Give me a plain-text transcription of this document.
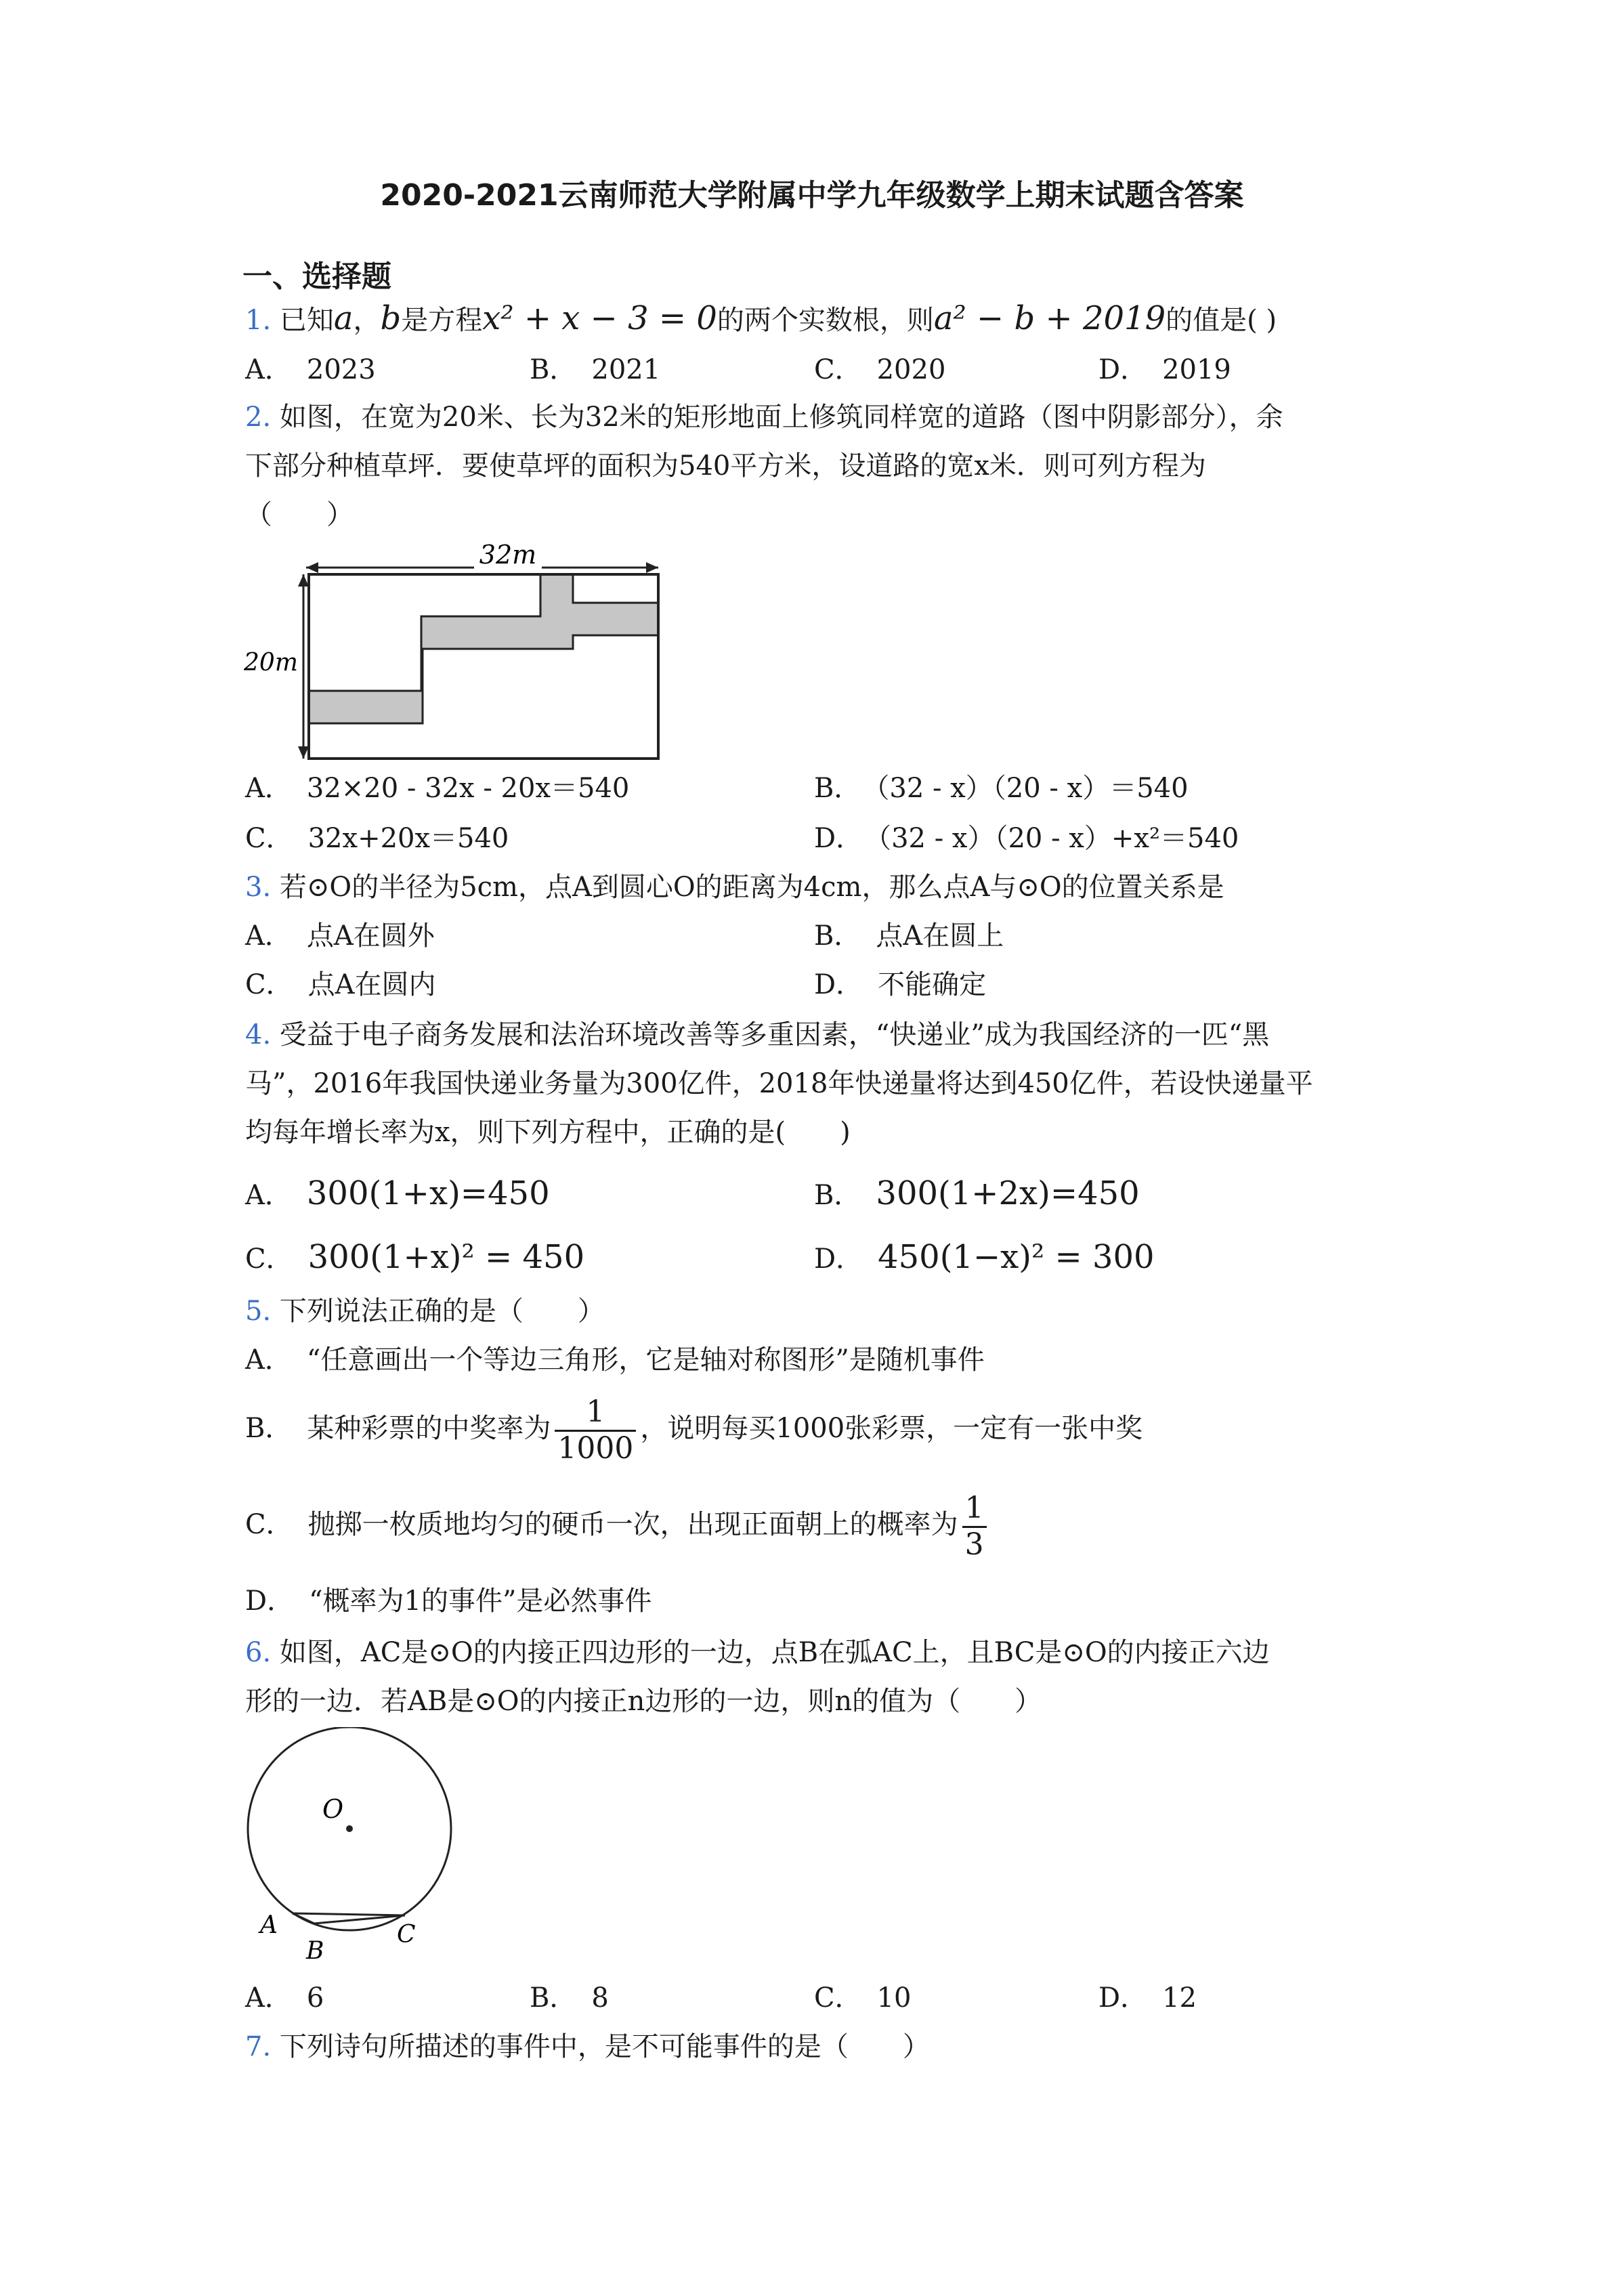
2020-2021云南师范大学附属中学九年级数学上期末试题含答案
一、选择题
1. 已知a，b是方程x² + x − 3 = 0的两个实数根，则a² − b + 2019的值是( )
A． 2023	B． 2021	C． 2020	D． 2019
2. 如图，在宽为20米、长为32米的矩形地面上修筑同样宽的道路（图中阴影部分），余
下部分种植草坪．要使草坪的面积为540平方米，设道路的宽x米．则可列方程为
（　　）
32m
20m
A． 32×20 - 32x - 20x＝540	B． （32 - x）（20 - x）＝540
C． 32x+20x＝540	D． （32 - x）（20 - x）+x²＝540
3. 若⊙O的半径为5cm，点A到圆心O的距离为4cm，那么点A与⊙O的位置关系是
A． 点A在圆外	B． 点A在圆上
C． 点A在圆内	D． 不能确定
4. 受益于电子商务发展和法治环境改善等多重因素，“快递业”成为我国经济的一匹“黑
马”，2016年我国快递业务量为300亿件，2018年快递量将达到450亿件，若设快递量平
均每年增长率为x，则下列方程中，正确的是(　　)
A． 300(1+x)=450	B． 300(1+2x)=450
C． 300(1+x)² = 450	D． 450(1−x)² = 300
5. 下列说法正确的是（　　）
A． “任意画出一个等边三角形，它是轴对称图形”是随机事件
B． 某种彩票的中奖率为 $\frac{1}{1000}$ ，说明每买1000张彩票，一定有一张中奖
C． 抛掷一枚质地均匀的硬币一次，出现正面朝上的概率为 $\frac{1}{3}$
D． “概率为1的事件”是必然事件
6. 如图，AC是⊙O的内接正四边形的一边，点B在弧AC上，且BC是⊙O的内接正六边
形的一边．若AB是⊙O的内接正n边形的一边，则n的值为（　　）
O
A
B
C
A． 6	B． 8	C． 10	D． 12
7. 下列诗句所描述的事件中，是不可能事件的是（　　）
